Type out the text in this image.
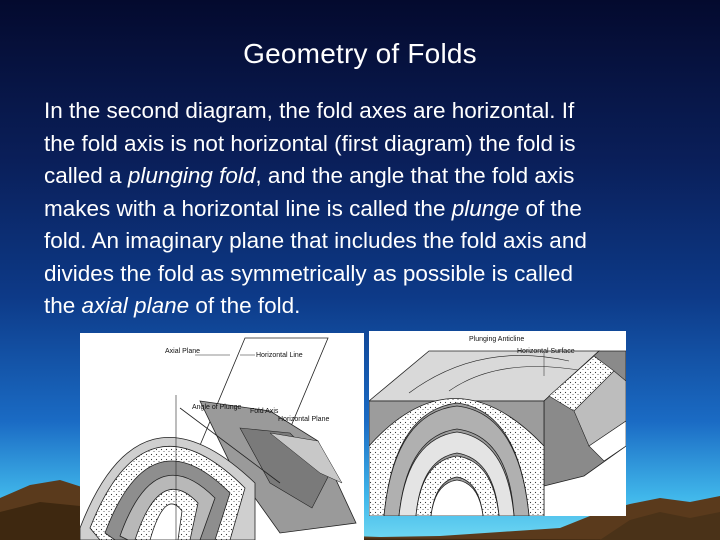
Geometry of Folds

In the second diagram, the fold axes are horizontal. If

the fold axis is not horizontal (first diagram) the fold is

called a plunging fold, and the angle that the fold axis

makes with a horizontal line is called the plunge of the

fold. An imaginary plane that includes the fold axis and

divides the fold as symmetrically as possible is called

the axial plane of the fold.

Axial Plane
Horizontal Line
Angle of Plunge
Fold Axis
Horizontal Plane
Plunging Anticline
Horizontal Surface
